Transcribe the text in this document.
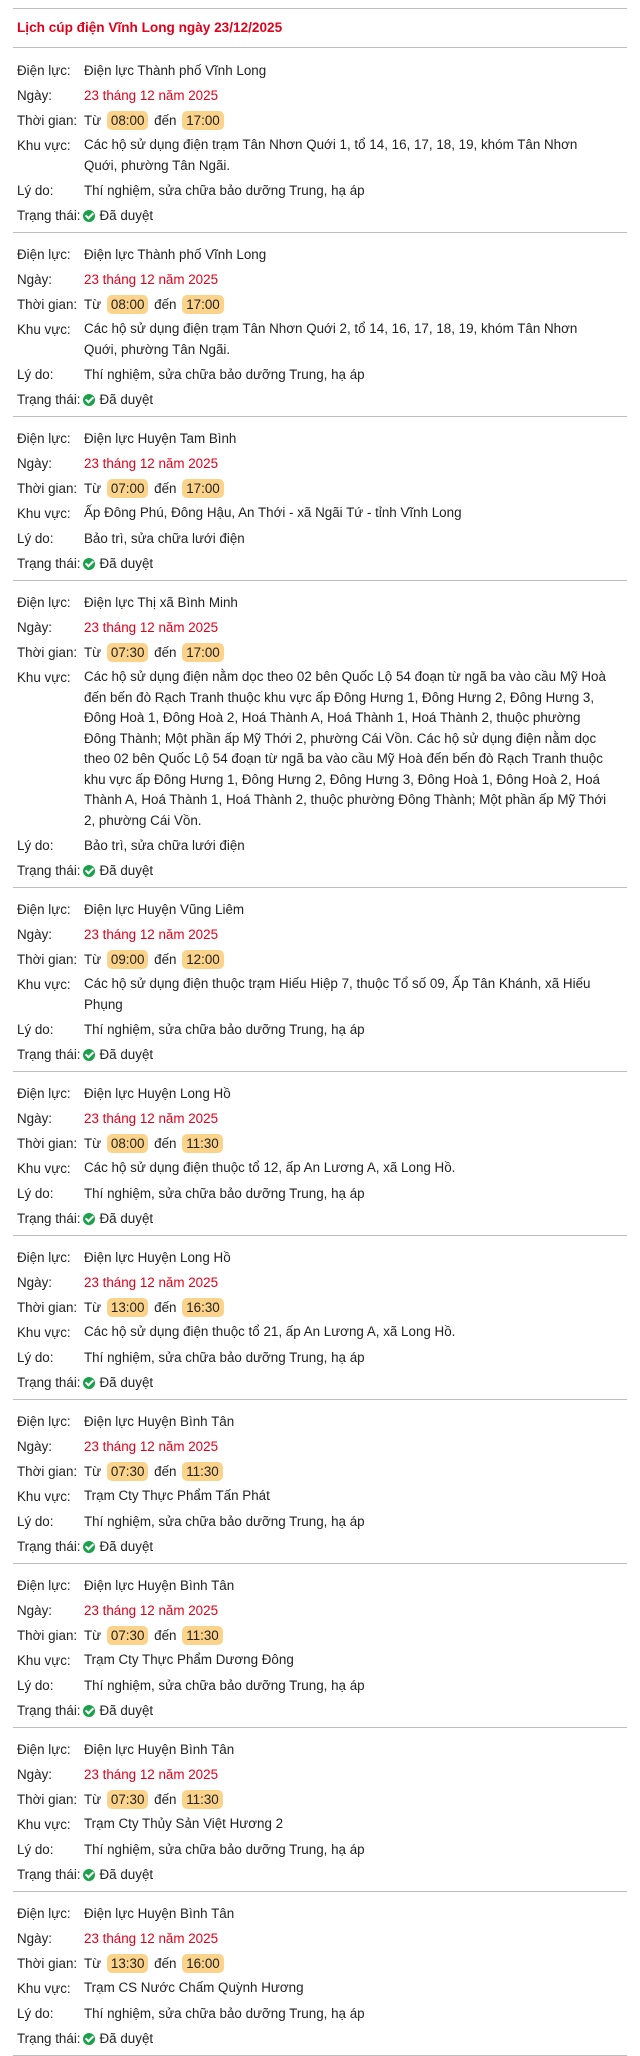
Lịch cúp điện Vĩnh Long ngày 23/12/2025
Điện lực: Điện lực Thành phố Vĩnh Long
Ngày:	23 tháng 12 năm 2025
Thời gian: Từ 08:00 đến 17:00
Khu vực: Các hộ sử dụng điện trạm Tân Nhơn Quới 1, tổ 14, 16, 17, 18, 19, khóm Tân Nhơn Quới, phường Tân Ngãi.
Lý do:	Thí nghiệm, sửa chữa bảo dưỡng Trung, hạ áp
Trạng thái: Đã duyệt
Điện lực: Điện lực Thành phố Vĩnh Long
Ngày:	23 tháng 12 năm 2025
Thời gian: Từ 08:00 đến 17:00
Khu vực: Các hộ sử dụng điện trạm Tân Nhơn Quới 2, tổ 14, 16, 17, 18, 19, khóm Tân Nhơn Quới, phường Tân Ngãi.
Lý do:	Thí nghiệm, sửa chữa bảo dưỡng Trung, hạ áp
Trạng thái: Đã duyệt
Điện lực: Điện lực Huyện Tam Bình
Ngày:	23 tháng 12 năm 2025
Thời gian: Từ 07:00 đến 17:00
Khu vực: Ấp Đông Phú, Đông Hậu, An Thới - xã Ngãi Tứ - tỉnh Vĩnh Long
Lý do:	Bảo trì, sửa chữa lưới điện
Trạng thái: Đã duyệt
Điện lực: Điện lực Thị xã Bình Minh
Ngày:	23 tháng 12 năm 2025
Thời gian: Từ 07:30 đến 17:00
Khu vực: Các hộ sử dụng điện nằm dọc theo 02 bên Quốc Lộ 54 đoạn từ ngã ba vào cầu Mỹ Hoà đến bến đò Rạch Tranh thuộc khu vực ấp Đông Hưng 1, Đông Hưng 2, Đông Hưng 3, Đông Hoà 1, Đông Hoà 2, Hoá Thành A, Hoá Thành 1, Hoá Thành 2, thuộc phường Đông Thành; Một phần ấp Mỹ Thới 2, phường Cái Vồn. Các hộ sử dụng điện nằm dọc theo 02 bên Quốc Lộ 54 đoạn từ ngã ba vào cầu Mỹ Hoà đến bến đò Rạch Tranh thuộc khu vực ấp Đông Hưng 1, Đông Hưng 2, Đông Hưng 3, Đông Hoà 1, Đông Hoà 2, Hoá Thành A, Hoá Thành 1, Hoá Thành 2, thuộc phường Đông Thành; Một phần ấp Mỹ Thới 2, phường Cái Vồn.
Lý do:	Bảo trì, sửa chữa lưới điện
Trạng thái: Đã duyệt
Điện lực: Điện lực Huyện Vũng Liêm
Ngày:	23 tháng 12 năm 2025
Thời gian: Từ 09:00 đến 12:00
Khu vực: Các hộ sử dụng điện thuộc trạm Hiếu Hiệp 7, thuộc Tổ số 09, Ấp Tân Khánh, xã Hiếu Phụng
Lý do:	Thí nghiệm, sửa chữa bảo dưỡng Trung, hạ áp
Trạng thái: Đã duyệt
Điện lực: Điện lực Huyện Long Hồ
Ngày:	23 tháng 12 năm 2025
Thời gian: Từ 08:00 đến 11:30
Khu vực: Các hộ sử dụng điện thuộc tổ 12, ấp An Lương A, xã Long Hồ.
Lý do:	Thí nghiệm, sửa chữa bảo dưỡng Trung, hạ áp
Trạng thái: Đã duyệt
Điện lực: Điện lực Huyện Long Hồ
Ngày:	23 tháng 12 năm 2025
Thời gian: Từ 13:00 đến 16:30
Khu vực: Các hộ sử dụng điện thuộc tổ 21, ấp An Lương A, xã Long Hồ.
Lý do:	Thí nghiệm, sửa chữa bảo dưỡng Trung, hạ áp
Trạng thái: Đã duyệt
Điện lực: Điện lực Huyện Bình Tân
Ngày:	23 tháng 12 năm 2025
Thời gian: Từ 07:30 đến 11:30
Khu vực: Trạm Cty Thực Phẩm Tấn Phát
Lý do:	Thí nghiệm, sửa chữa bảo dưỡng Trung, hạ áp
Trạng thái: Đã duyệt
Điện lực: Điện lực Huyện Bình Tân
Ngày:	23 tháng 12 năm 2025
Thời gian: Từ 07:30 đến 11:30
Khu vực: Trạm Cty Thực Phẩm Dương Đông
Lý do:	Thí nghiệm, sửa chữa bảo dưỡng Trung, hạ áp
Trạng thái: Đã duyệt
Điện lực: Điện lực Huyện Bình Tân
Ngày:	23 tháng 12 năm 2025
Thời gian: Từ 07:30 đến 11:30
Khu vực: Trạm Cty Thủy Sản Việt Hương 2
Lý do:	Thí nghiệm, sửa chữa bảo dưỡng Trung, hạ áp
Trạng thái: Đã duyệt
Điện lực: Điện lực Huyện Bình Tân
Ngày:	23 tháng 12 năm 2025
Thời gian: Từ 13:30 đến 16:00
Khu vực: Trạm CS Nước Chấm Quỳnh Hương
Lý do:	Thí nghiệm, sửa chữa bảo dưỡng Trung, hạ áp
Trạng thái: Đã duyệt
